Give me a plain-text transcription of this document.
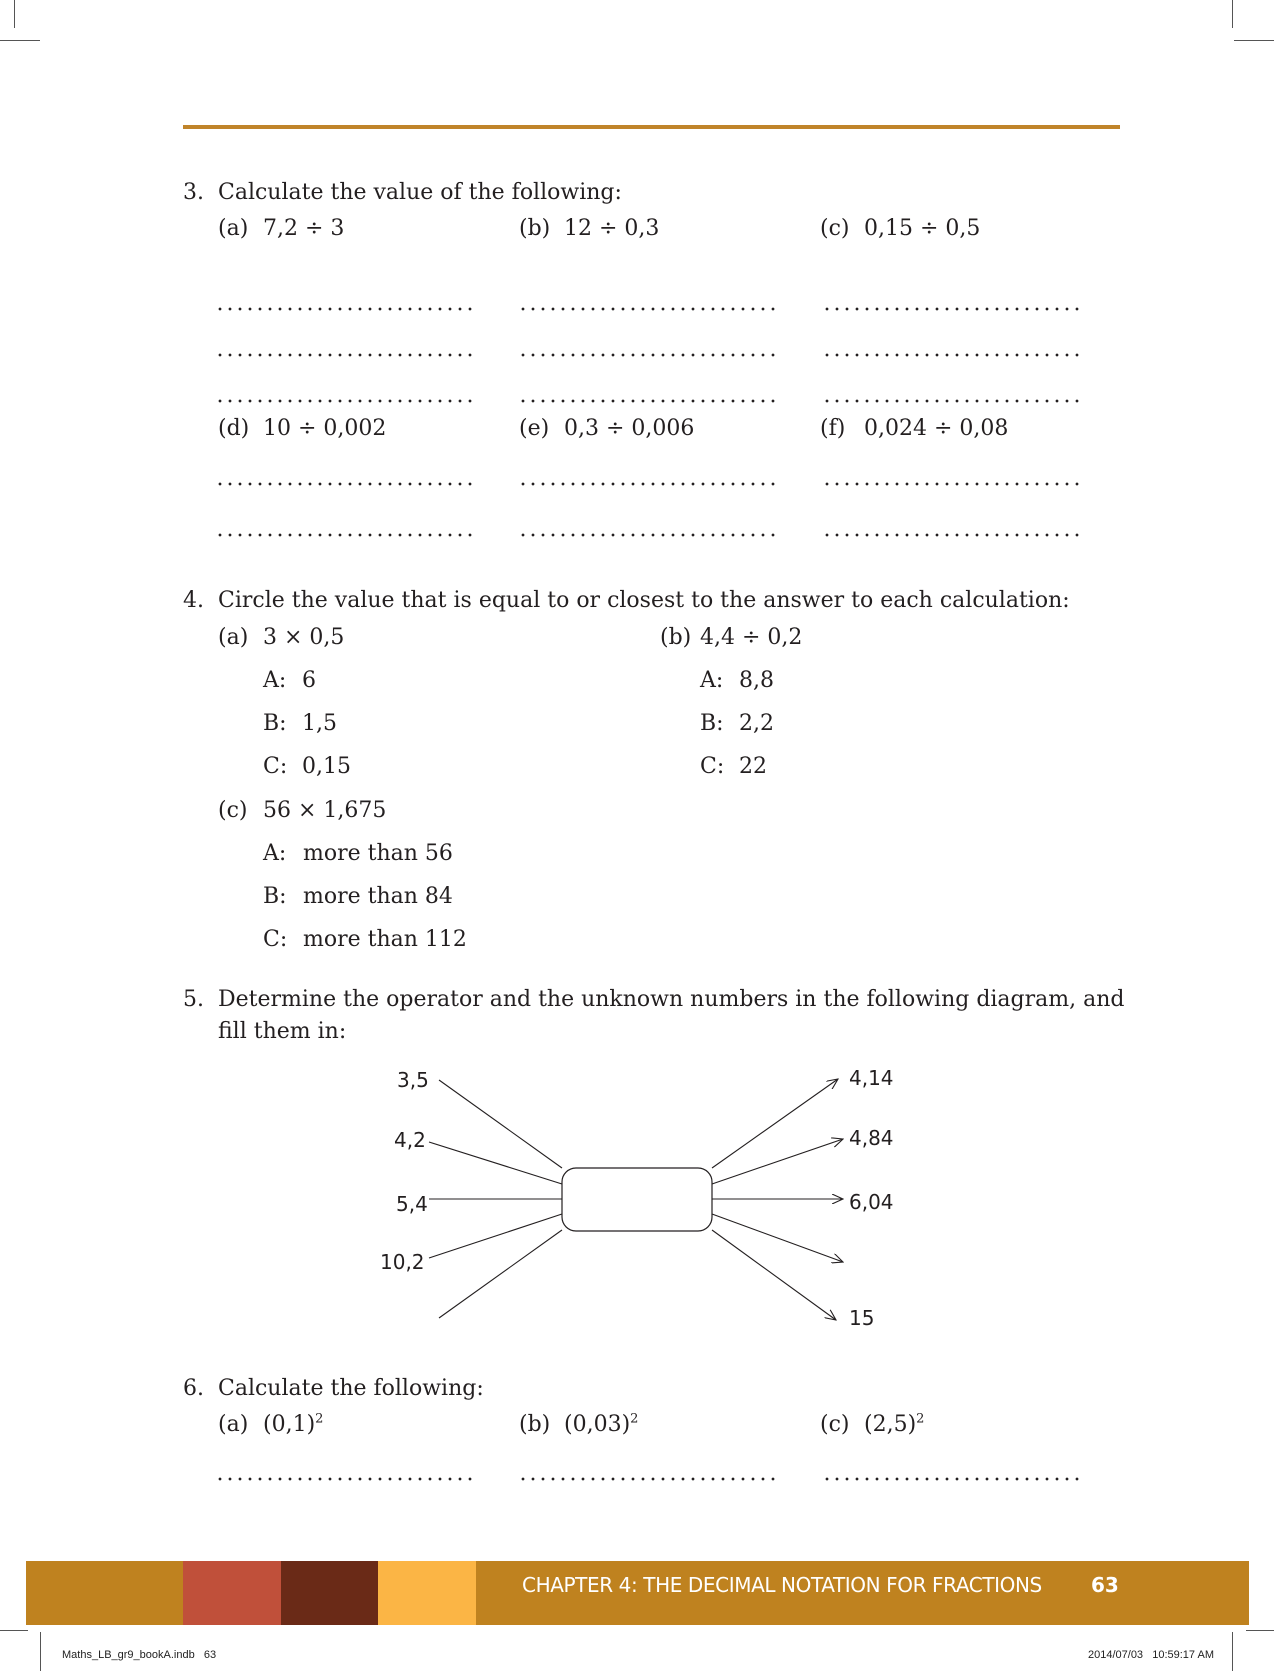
3. Calculate the value of the following:
(a) 7,2 ÷ 3	(b) 12 ÷ 0,3	(c) 0,15 ÷ 0,5
(d) 10 ÷ 0,002	(e) 0,3 ÷ 0,006	(f) 0,024 ÷ 0,08
4. Circle the value that is equal to or closest to the answer to each calculation:
(a) 3 × 0,5
A: 6
B: 1,5
C: 0,15
(b) 4,4 ÷ 0,2
A: 8,8
B: 2,2
C: 22
(c) 56 × 1,675
A: more than 56
B: more than 84
C: more than 112
5. Determine the operator and the unknown numbers in the following diagram, and
fill them in:
3,5
4,2
5,4
10,2
4,14
4,84
6,04
15
6. Calculate the following:
(a) $(0,1)^2$	(b) $(0,03)^2$	(c) $(2,5)^2$
CHAPTER 4: THE DECIMAL NOTATION FOR FRACTIONS 63
Maths_LB_gr9_bookA.indb   63	2014/07/03   10:59:17 AM
